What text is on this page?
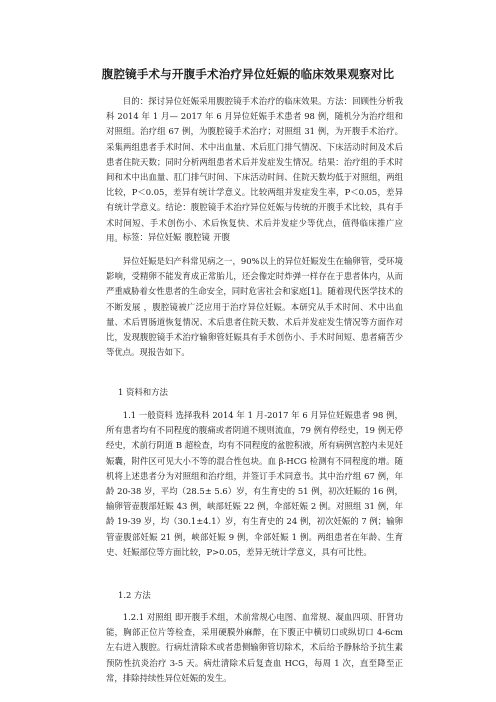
腹腔镜手术与开腹手术治疗异位妊娠的临床效果观察对比

目的：探讨异位妊娠采用腹腔镜手术治疗的临床效果。方法：回顾性分析我科 2014 年 1 月— 2017 年 6 月异位妊娠手术患者 98 例，随机分为治疗组和对照组。治疗组 67 例，为腹腔镜手术治疗；对照组 31 例，为开腹手术治疗。采集两组患者手术时间、术中出血量、术后肛门排气情况、下床活动时间及术后患者住院天数；同时分析两组患者术后并发症发生情况。结果：治疗组的手术时间和术中出血量、肛门排气时间、下床活动时间、住院天数均低于对照组，两组比较，P＜0.05，差异有统计学意义。比较两组并发症发生率，P＜0.05，差异有统计学意义。结论：腹腔镜手术治疗异位妊娠与传统的开腹手术比较，具有手术时间短、手术创伤小、术后恢复快、术后并发症少等优点，值得临床推广应用。 标签：异位妊娠 腹腔镜 开腹

异位妊娠是妇产科常见病之一，90%以上的异位妊娠发生在输卵管，受环境影响，受精卵不能发育成正常胎儿，还会像定时炸弹一样存在于患者体内，从而严重威胁着女性患者的生命安全，同时危害社会和家庭[1]。随着现代医学技术的不断发展 ，腹腔镜被广泛应用于治疗异位妊娠。本研究从手术时间、术中出血量、术后胃肠道恢复情况、术后患者住院天数、术后并发症发生情况等方面作对比，发现腹腔镜手术治疗输卵管妊娠具有手术创伤小、手术时间短、患者痛苦少等优点。现报告如下。

1 资料和方法

1.1 一般资料 选择我科 2014 年 1 月-2017 年 6 月异位妊娠患者 98 例，所有患者均有不同程度的腹痛或者阴道不规则流血，79 例有停经史，19 例无停经史，术前行阴道 B 超检查，均有不同程度的盆腔积液，所有病例宫腔内未见妊娠囊，附件区可见大小不等的混合性包块。血 β-HCG 检测有不同程度的增。随机将上述患者分为对照组和治疗组，并签订手术同意书。其中治疗组 67 例，年龄 20-38 岁，平均（28.5± 5.6）岁，有生育史的 51 例，初次妊娠的 16 例，输卵管壶腹部妊娠 43 例，峡部妊娠 22 例，伞部妊娠 2 例。对照组 31 例，年龄 19-39 岁，均（30.1±4.1）岁，有生育史的 24 例，初次妊娠的 7 例；输卵管壶腹部妊娠 21 例，峡部妊娠 9 例，伞部妊娠 1 例。两组患者在年龄、生育史、妊娠部位等方面比较，P>0.05，差异无统计学意义，具有可比性。

1.2 方法

1.2.1 对照组 即开腹手术组，术前常规心电图、血常规、凝血四项、肝肾功能，胸部正位片等检查，采用硬膜外麻醉，在下腹正中横切口或纵切口 4-6cm 左右进入腹腔。行病灶清除术或者患侧输卵管切除术，术后给予静脉给予抗生素预防性抗炎治疗 3-5 天。病灶清除术后复查血 HCG，每周 1 次，直至降至正常，排除持续性异位妊娠的发生。
